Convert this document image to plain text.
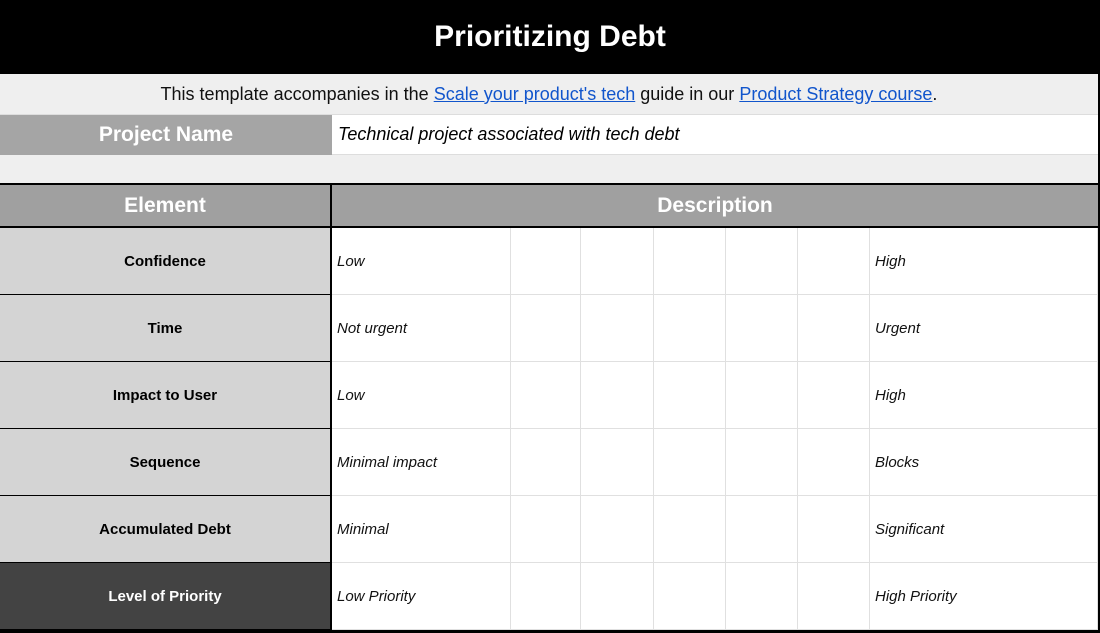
Prioritizing Debt
This template accompanies in the Scale your product's tech guide in our Product Strategy course .
Project Name	Technical project associated with tech debt
Element	Description
Confidence	Low	High
Time	Not urgent	Urgent
Impact to User	Low	High
Sequence	Minimal impact	Blocks
Accumulated Debt	Minimal	Significant
Level of Priority	Low Priority	High Priority
